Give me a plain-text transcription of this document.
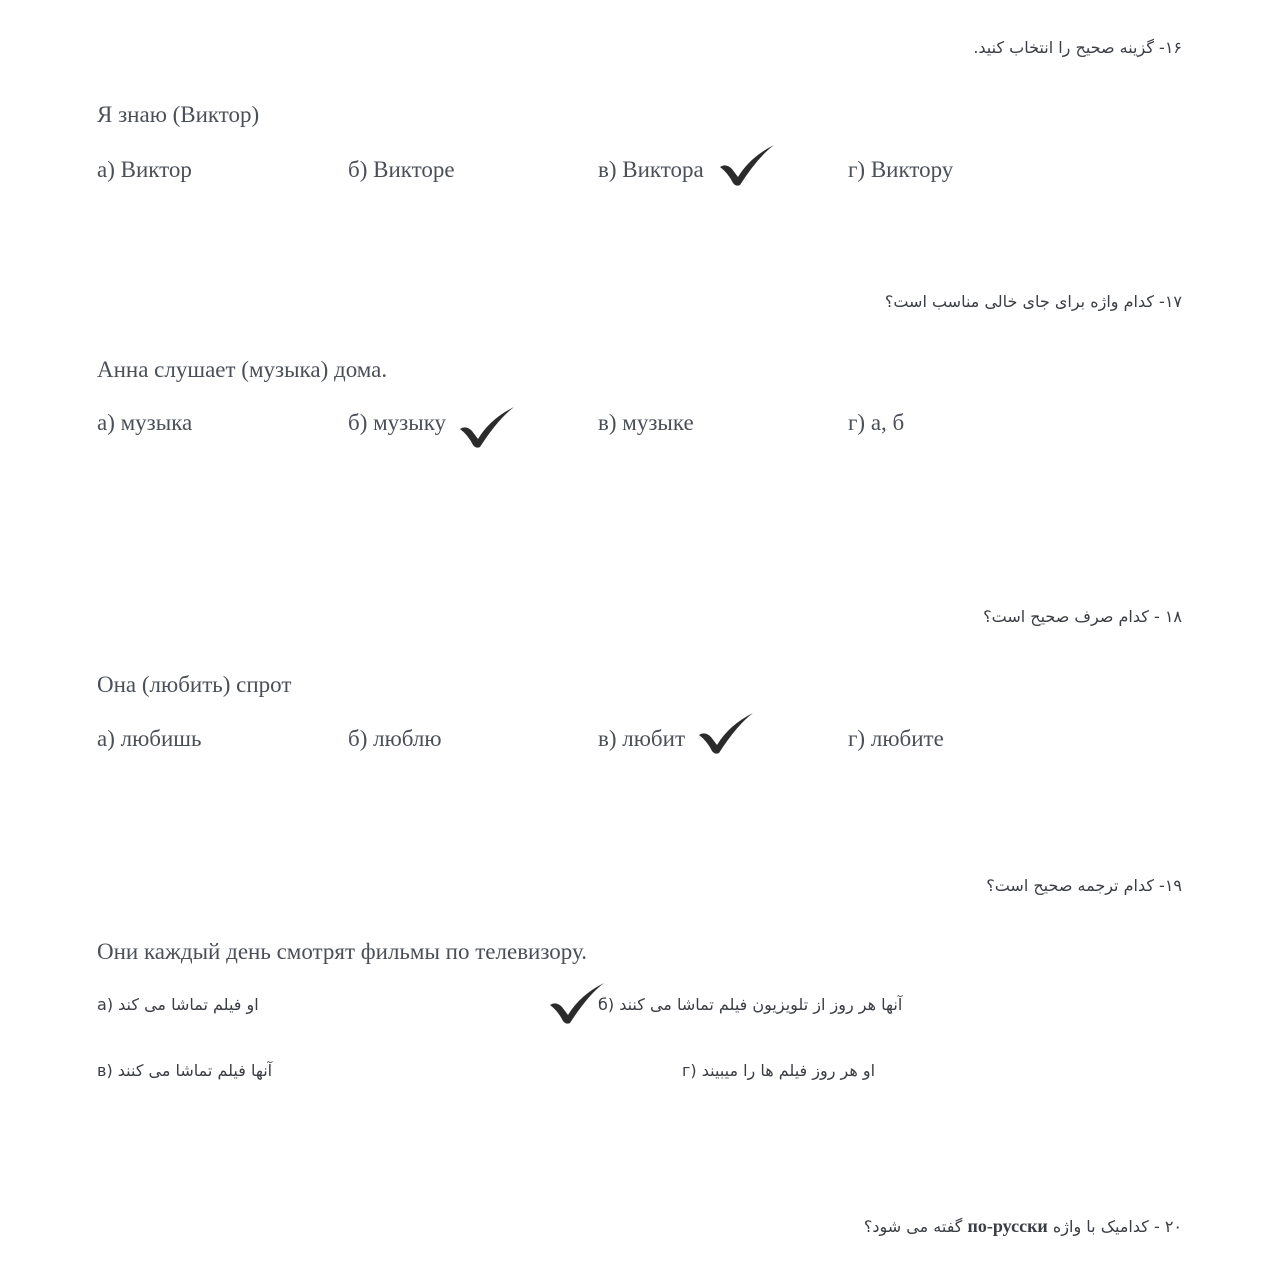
۱۶- گزینه صحیح را انتخاب کنید.
Я знаю (Виктор)
а) Виктор	б) Викторе	в) Виктора	г) Виктору
۱۷- کدام واژه برای جای خالی مناسب است؟
Анна слушает (музыка) дома.
а) музыка	б) музыку	в) музыке	г) а, б
۱۸ - کدام صرف صحیح است؟
Она (любить) спрот
а) любишь	б) люблю	в) любит	г) любите
۱۹- کدام ترجمه صحیح است؟
Они каждый день смотрят фильмы по телевизору.
او فیلم تماشا می کند (а	آنها هر روز از تلویزیون فیلم تماشا می کنند (б
آنها فیلم تماشا می کنند (в	او هر روز فیلم ها را میبیند (г
۲۰ - کدامیک با واژه по-русски گفته می شود؟
